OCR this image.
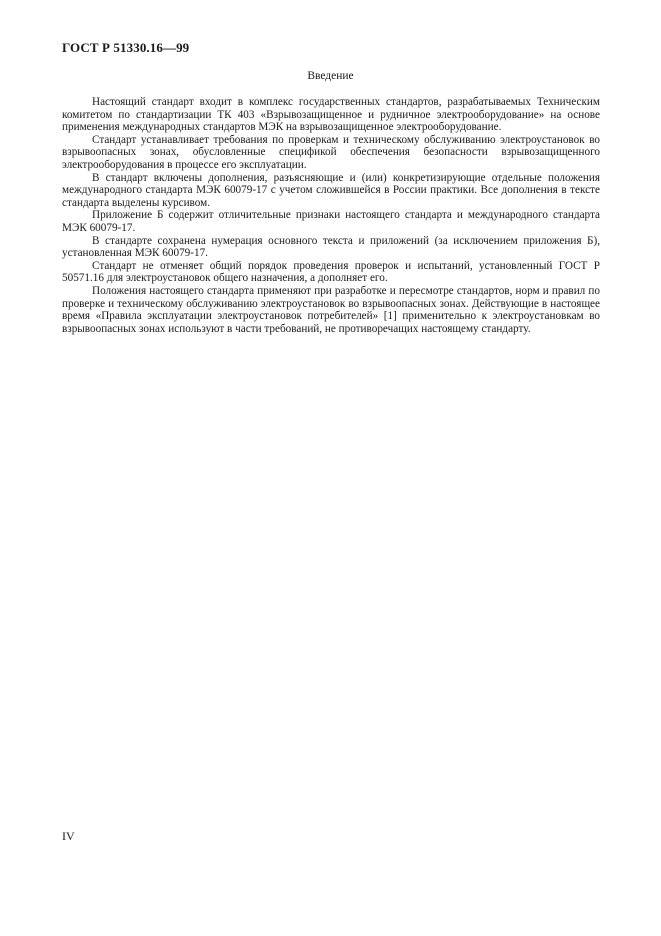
ГОСТ Р 51330.16—99
Введение

Настоящий стандарт входит в комплекс государственных стандартов, разрабатываемых Техническим комитетом по стандартизации ТК 403 «Взрывозащищенное и рудничное электрооборудование» на основе применения международных стандартов МЭК на взрывозащищенное электрооборудование.

Стандарт устанавливает требования по проверкам и техническому обслуживанию электроустановок во взрывоопасных зонах, обусловленные спецификой обеспечения безопасности взрывозащищенного электрооборудования в процессе его эксплуатации.

В стандарт включены дополнения, разъясняющие и (или) конкретизирующие отдельные положения международного стандарта МЭК 60079-17 с учетом сложившейся в России практики. Все дополнения в тексте стандарта выделены курсивом.

Приложение Б содержит отличительные признаки настоящего стандарта и международного стандарта МЭК 60079-17.

В стандарте сохранена нумерация основного текста и приложений (за исключением приложения Б), установленная МЭК 60079-17.

Стандарт не отменяет общий порядок проведения проверок и испытаний, установленный ГОСТ Р 50571.16 для электроустановок общего назначения, а дополняет его.

Положения настоящего стандарта применяют при разработке и пересмотре стандартов, норм и правил по проверке и техническому обслуживанию электроустановок во взрывоопасных зонах. Действующие в настоящее время «Правила эксплуатации электроустановок потребителей» [1] применительно к электроустановкам во взрывоопасных зонах используют в части требований, не противоречащих настоящему стандарту.

IV
